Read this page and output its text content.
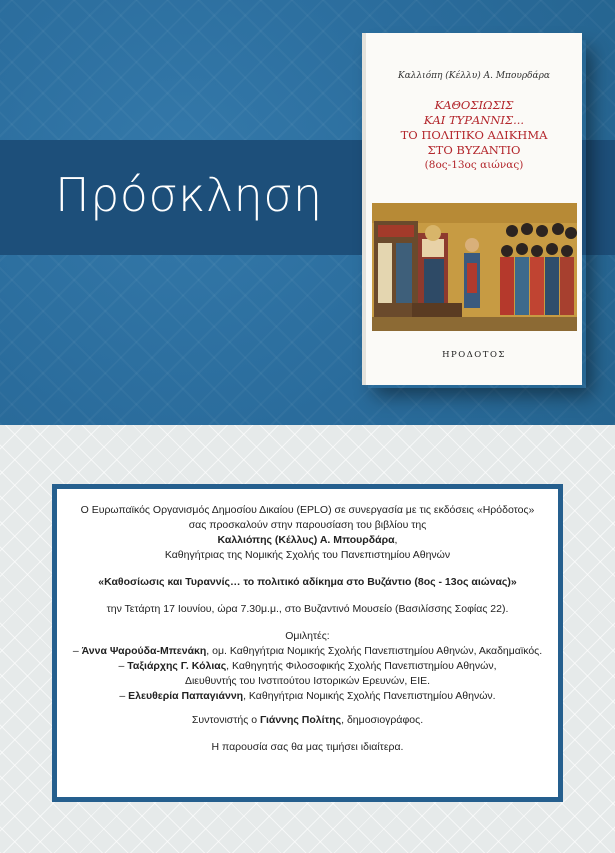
Πρόσκληση
Καλλιόπη (Κέλλυ) Α. Μπουρδάρα
ΚΑΘΟΣΙΩΣΙΣ
ΚΑΙ ΤΥΡΑΝΝΙΣ...
ΤΟ ΠΟΛΙΤΙΚΟ ΑΔΙΚΗΜΑ
ΣΤΟ ΒΥΖΑΝΤΙΟ
(8ος-13ος αιώνας)
ΗΡΟΔΟΤΟΣ

Ο Ευρωπαϊκός Οργανισμός Δημοσίου Δικαίου (EPLO) σε συνεργασία με τις εκδόσεις «Ηρόδοτος»

σας προσκαλούν στην παρουσίαση του βιβλίου της

Καλλιόπης (Κέλλυς) Α. Μπουρδάρα,

Καθηγήτριας της Νομικής Σχολής του Πανεπιστημίου Αθηνών

«Καθοσίωσις και Τυραννίς… το πολιτικό αδίκημα στο Βυζάντιο (8ος - 13ος αιώνας)»

την Τετάρτη 17 Ιουνίου, ώρα 7.30μ.μ., στο Βυζαντινό Μουσείο (Βασιλίσσης Σοφίας 22).

Ομιλητές:

– Άννα Ψαρούδα-Μπενάκη, ομ. Καθηγήτρια Νομικής Σχολής Πανεπιστημίου Αθηνών, Ακαδημαϊκός.

– Ταξιάρχης Γ. Κόλιας, Καθηγητής Φιλοσοφικής Σχολής Πανεπιστημίου Αθηνών,

Διευθυντής του Ινστιτούτου Ιστορικών Ερευνών, ΕΙΕ.

– Ελευθερία Παπαγιάννη, Καθηγήτρια Νομικής Σχολής Πανεπιστημίου Αθηνών.

Συντονιστής ο Γιάννης Πολίτης, δημοσιογράφος.

Η παρουσία σας θα μας τιμήσει ιδιαίτερα.
